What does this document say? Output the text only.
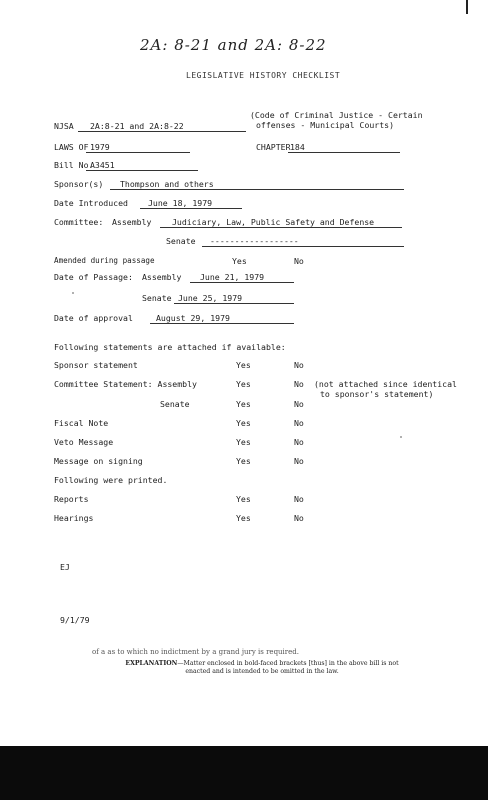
2A: 8-21 and 2A: 8-22
LEGISLATIVE HISTORY CHECKLIST
NJSA 2A:8-21 and 2A:8-22
(Code of Criminal Justice - Certain
offenses - Municipal Courts)
LAWS OF 1979	CHAPTER 184
Bill No.
A3451
Sponsor(s) Thompson and others
Date Introduced June 18, 1979
Committee: Assembly	Judiciary, Law, Public Safety and Defense
Senate ------------------
Amended during passage	Yes	No
Date of Passage: Assembly June 21, 1979
Senate June 25, 1979
Date of approval	August 29, 1979
Following statements are attached if available:
Sponsor statement	Yes	No
Committee Statement: Assembly	Yes	No (not attached since identical
to sponsor's statement)
Senate	Yes	No
Fiscal Note	Yes	No
Veto Message	Yes	No
Message on signing	Yes	No
Following were printed.
Reports	Yes	No
Hearings	Yes	No
EJ
9/1/79
of a as to which no indictment by a grand jury is required.
EXPLANATION—Matter enclosed in bold-faced brackets [thus] in the above bill is not enacted and is intended to be omitted in the law.
